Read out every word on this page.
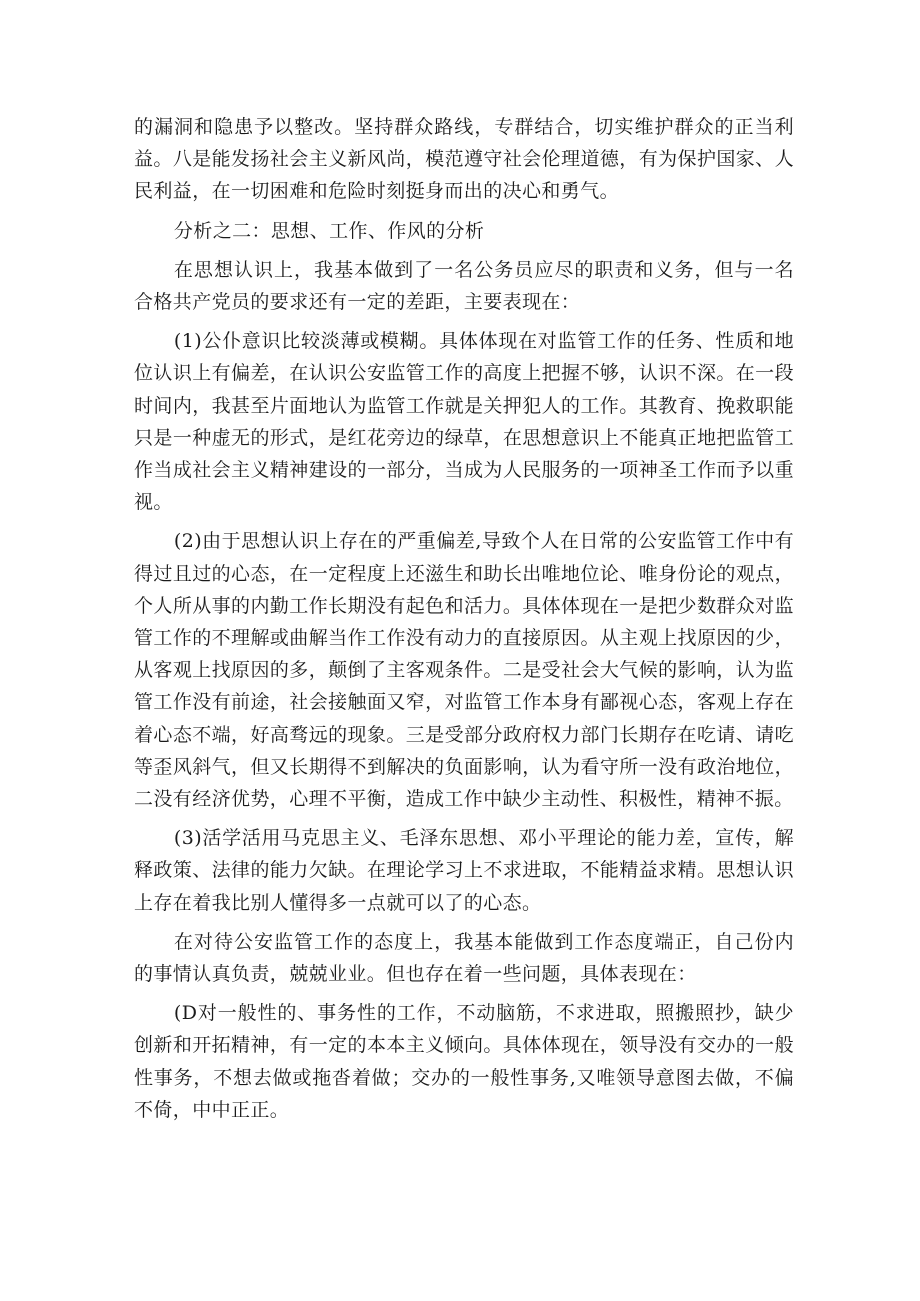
的漏洞和隐患予以整改。坚持群众路线，专群结合，切实维护群众的正当利益。八是能发扬社会主义新风尚，模范遵守社会伦理道德，有为保护国家、人民利益，在一切困难和危险时刻挺身而出的决心和勇气。

分析之二：思想、工作、作风的分析

在思想认识上，我基本做到了一名公务员应尽的职责和义务，但与一名合格共产党员的要求还有一定的差距，主要表现在：

(1)公仆意识比较淡薄或模糊。具体体现在对监管工作的任务、性质和地位认识上有偏差，在认识公安监管工作的高度上把握不够，认识不深。在一段时间内，我甚至片面地认为监管工作就是关押犯人的工作。其教育、挽救职能只是一种虚无的形式，是红花旁边的绿草，在思想意识上不能真正地把监管工作当成社会主义精神建设的一部分，当成为人民服务的一项神圣工作而予以重视。

(2)由于思想认识上存在的严重偏差,导致个人在日常的公安监管工作中有得过且过的心态，在一定程度上还滋生和助长出唯地位论、唯身份论的观点，个人所从事的内勤工作长期没有起色和活力。具体体现在一是把少数群众对监管工作的不理解或曲解当作工作没有动力的直接原因。从主观上找原因的少，从客观上找原因的多，颠倒了主客观条件。二是受社会大气候的影响，认为监管工作没有前途，社会接触面又窄，对监管工作本身有鄙视心态，客观上存在着心态不端，好高骛远的现象。三是受部分政府权力部门长期存在吃请、请吃等歪风斜气，但又长期得不到解决的负面影响，认为看守所一没有政治地位，二没有经济优势，心理不平衡，造成工作中缺少主动性、积极性，精神不振。

(3)活学活用马克思主义、毛泽东思想、邓小平理论的能力差，宣传，解释政策、法律的能力欠缺。在理论学习上不求进取，不能精益求精。思想认识上存在着我比别人懂得多一点就可以了的心态。

在对待公安监管工作的态度上，我基本能做到工作态度端正，自己份内的事情认真负责，兢兢业业。但也存在着一些问题，具体表现在：

(D对一般性的、事务性的工作，不动脑筋，不求进取，照搬照抄，缺少创新和开拓精神，有一定的本本主义倾向。具体体现在，领导没有交办的一般性事务，不想去做或拖沓着做；交办的一般性事务,又唯领导意图去做，不偏不倚，中中正正。
